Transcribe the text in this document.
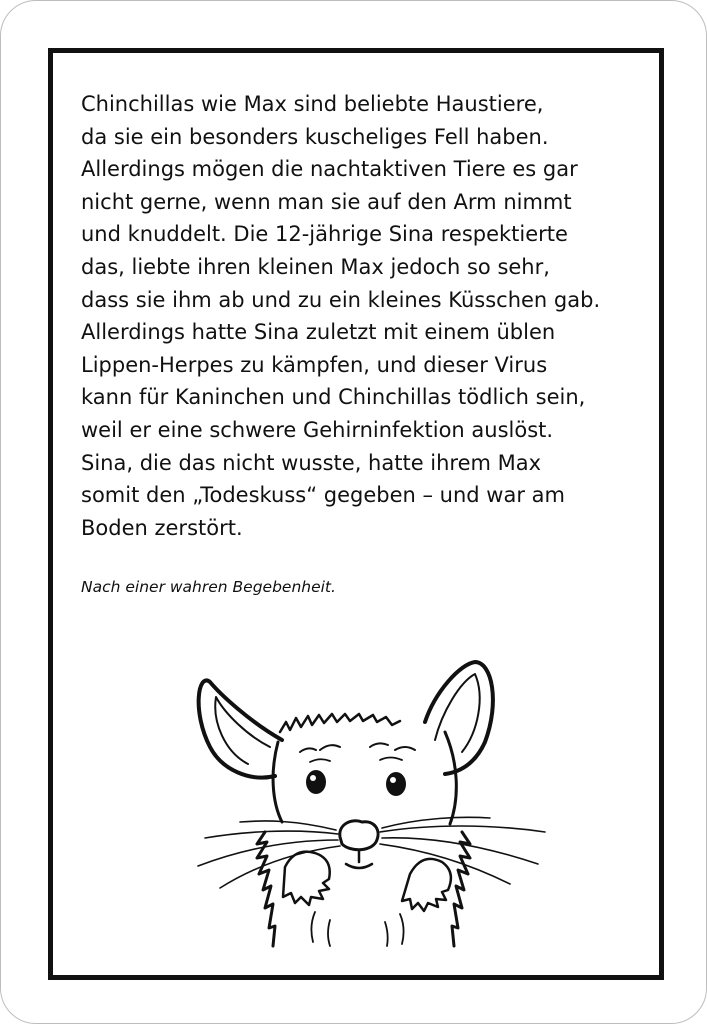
Chinchillas wie Max sind beliebte Haustiere,
da sie ein besonders kuscheliges Fell haben.
Allerdings mögen die nachtaktiven Tiere es gar
nicht gerne, wenn man sie auf den Arm nimmt
und knuddelt. Die 12-jährige Sina respektierte
das, liebte ihren kleinen Max jedoch so sehr,
dass sie ihm ab und zu ein kleines Küsschen gab.
Allerdings hatte Sina zuletzt mit einem üblen
Lippen-Herpes zu kämpfen, und dieser Virus
kann für Kaninchen und Chinchillas tödlich sein,
weil er eine schwere Gehirninfektion auslöst.
Sina, die das nicht wusste, hatte ihrem Max
somit den „Todeskuss“ gegeben – und war am
Boden zerstört.
Nach einer wahren Begebenheit.
